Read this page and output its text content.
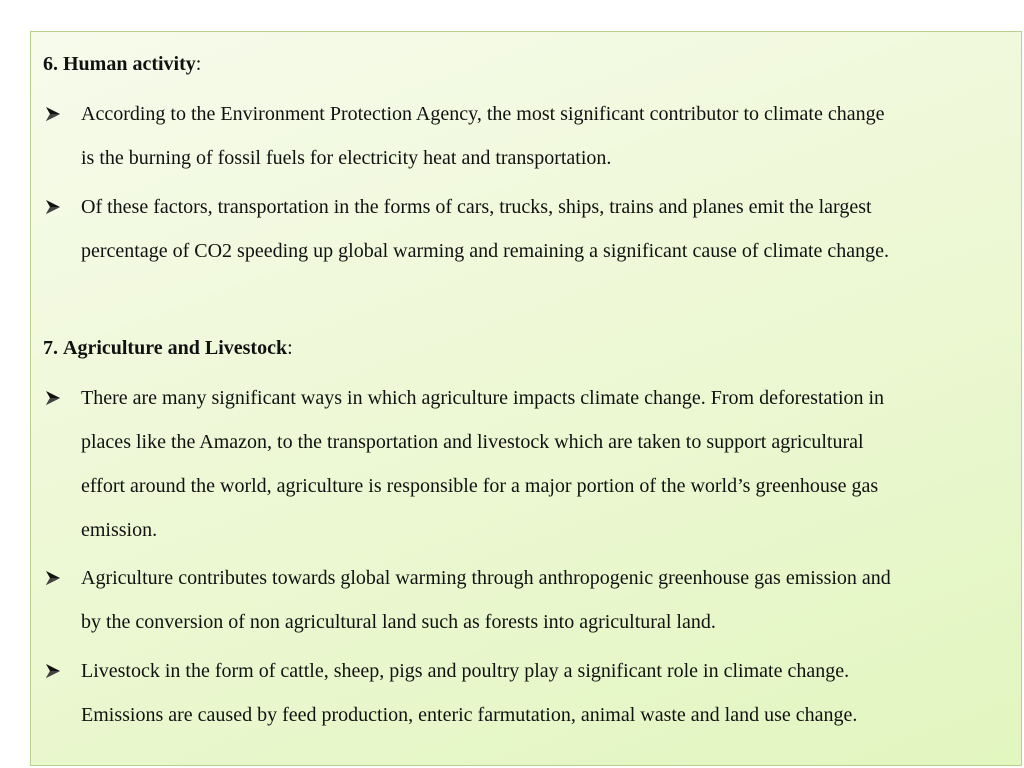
6. Human activity:
According to the Environment Protection Agency, the most significant contributor to climate change
is the burning of fossil fuels for electricity heat and transportation.
Of these factors, transportation in the forms of cars, trucks, ships, trains and planes emit the largest
percentage of CO2 speeding up global warming and remaining a significant cause of climate change.
7. Agriculture and Livestock:
There are many significant ways in which agriculture impacts climate change. From deforestation in
places like the Amazon, to the transportation and livestock which are taken to support agricultural
effort around the world, agriculture is responsible for a major portion of the world’s greenhouse gas
emission.
Agriculture contributes towards global warming through anthropogenic greenhouse gas emission and
by the conversion of non agricultural land such as forests into agricultural land.
Livestock in the form of cattle, sheep, pigs and poultry play a significant role in climate change.
Emissions are caused by feed production, enteric farmutation, animal waste and land use change.
